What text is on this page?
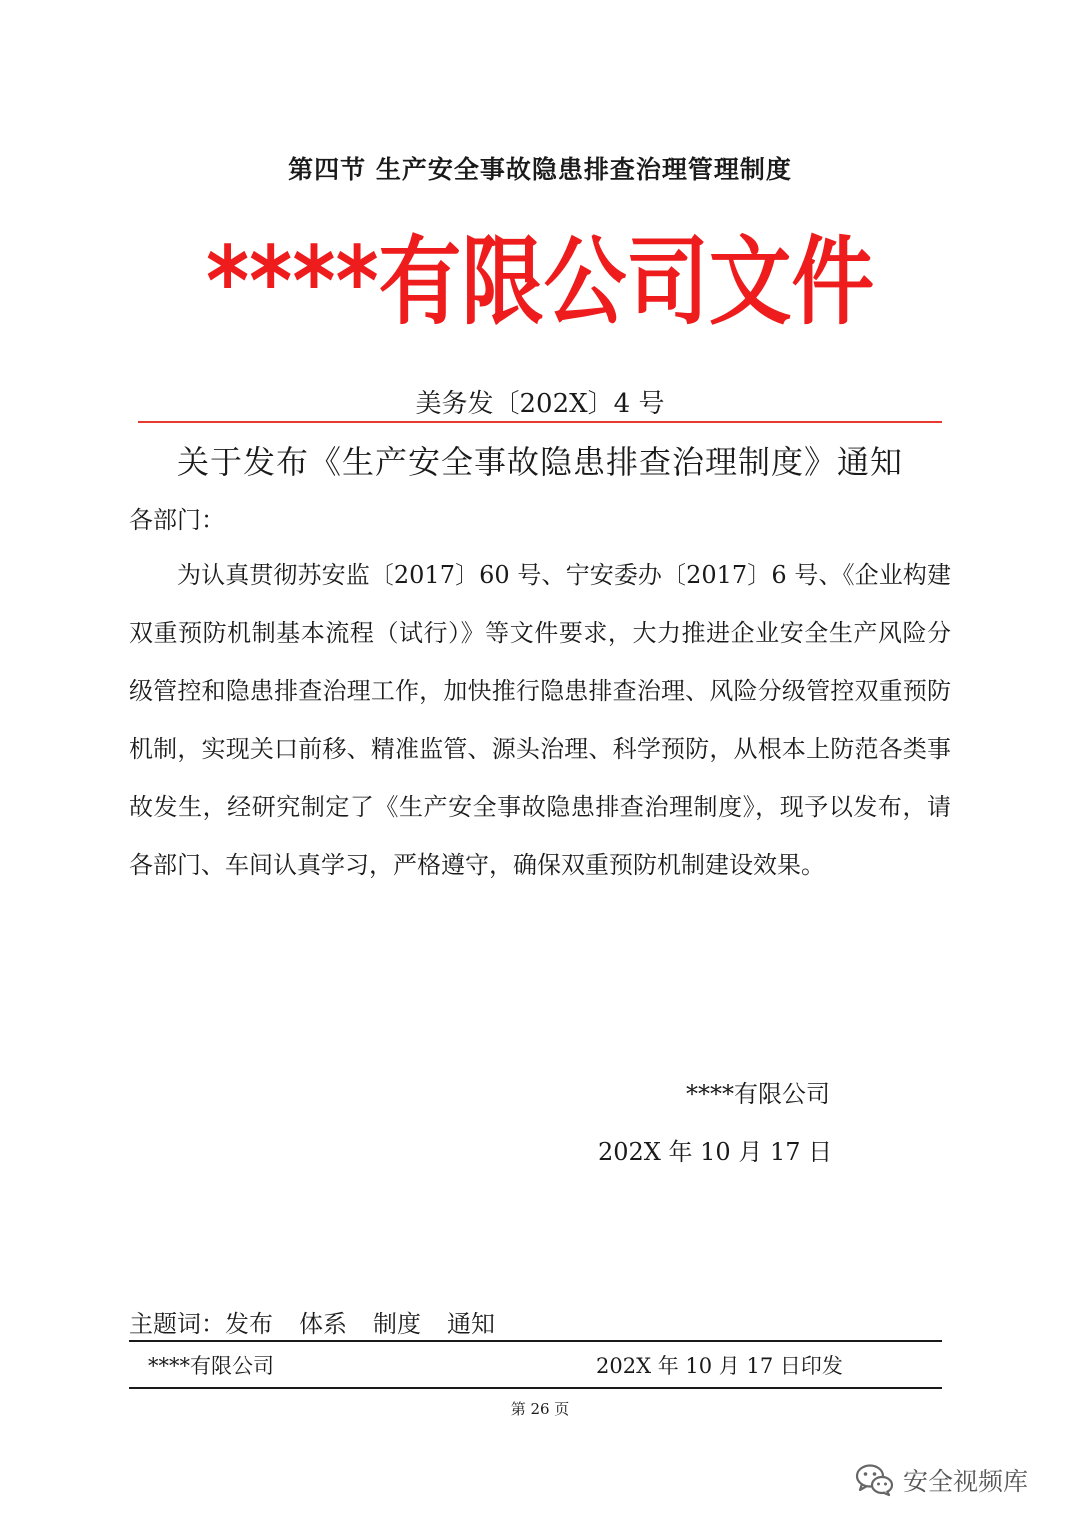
第四节 生产安全事故隐患排查治理管理制度
****有限公司文件
美务发〔202X〕4 号
关于发布《生产安全事故隐患排查治理制度》通知
各部门：

为认真贯彻苏安监〔2017〕60 号、宁安委办〔2017〕6 号、《企业构建双重预防机制基本流程（试行）》等文件要求，大力推进企业安全生产风险分级管控和隐患排查治理工作，加快推行隐患排查治理、风险分级管控双重预防机制，实现关口前移、精准监管、源头治理、科学预防，从根本上防范各类事故发生，经研究制定了《生产安全事故隐患排查治理制度》，现予以发布，请各部门、车间认真学习，严格遵守，确保双重预防机制建设效果。

****有限公司
202X 年 10 月 17 日
主题词：发布 体系 制度 通知
****有限公司	202X 年 10 月 17 日印发
第 26 页
安全视频库
